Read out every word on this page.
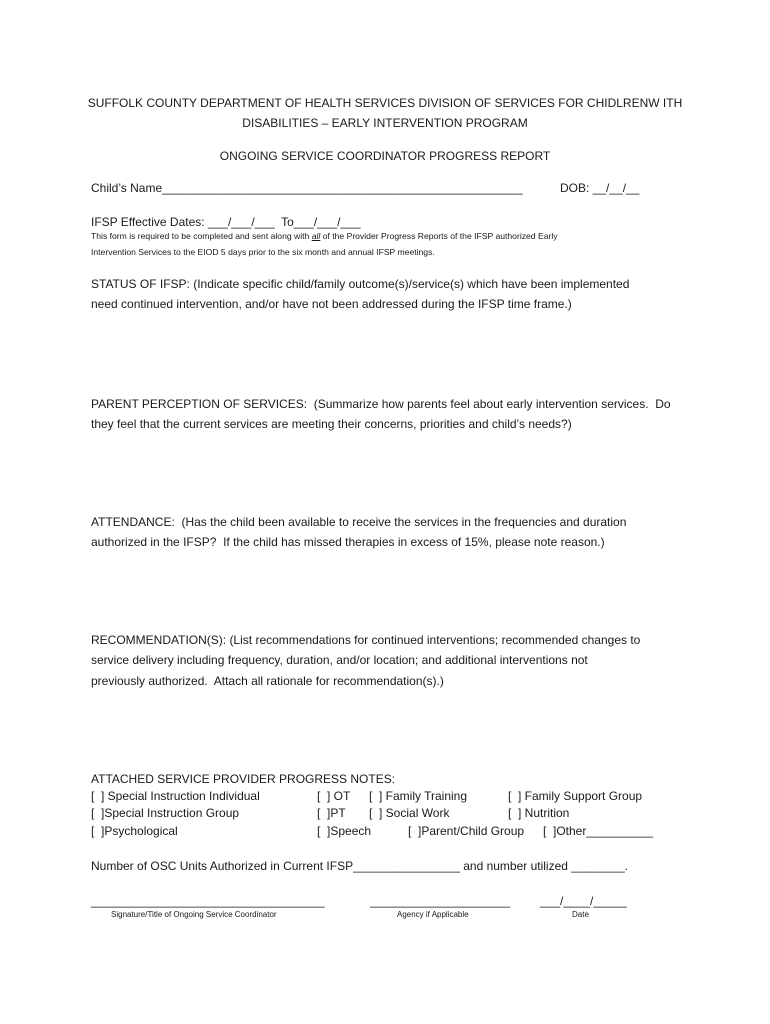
SUFFOLK COUNTY DEPARTMENT OF HEALTH SERVICES DIVISION OF SERVICES FOR CHIDLRENW ITH
DISABILITIES – EARLY INTERVENTION PROGRAM
ONGOING SERVICE COORDINATOR PROGRESS REPORT
Child’s Name______________________________________________________	DOB: __/__/__
IFSP Effective Dates: ___/___/___  To___/___/___
This form is required to be completed and sent along with all of the Provider Progress Reports of the IFSP authorized Early
Intervention Services to the EIOD 5 days prior to the six month and annual IFSP meetings.
STATUS OF IFSP: (Indicate specific child/family outcome(s)/service(s) which have been implemented
need continued intervention, and/or have not been addressed during the IFSP time frame.)
PARENT PERCEPTION OF SERVICES:  (Summarize how parents feel about early intervention services.  Do
they feel that the current services are meeting their concerns, priorities and child’s needs?)
ATTENDANCE:  (Has the child been available to receive the services in the frequencies and duration
authorized in the IFSP?  If the child has missed therapies in excess of 15%, please note reason.)
RECOMMENDATION(S): (List recommendations for continued interventions; recommended changes to
service delivery including frequency, duration, and/or location; and additional interventions not
previously authorized.  Attach all rationale for recommendation(s).)
ATTACHED SERVICE PROVIDER PROGRESS NOTES:
[  ] Special Instruction Individual	[  ] OT [  ] Family Training	[  ] Family Support Group
[  ]Special Instruction Group	[  ]PT [  ] Social Work	[  ] Nutrition
[  ]Psychological	[  ]Speech	[  ]Parent/Child Group [  ]Other__________
Number of OSC Units Authorized in Current IFSP________________ and number utilized ________.
___________________________________	_____________________ ___/____/_____
Signature/Title of Ongoing Service Coordinator	Agency if Applicable	Date
